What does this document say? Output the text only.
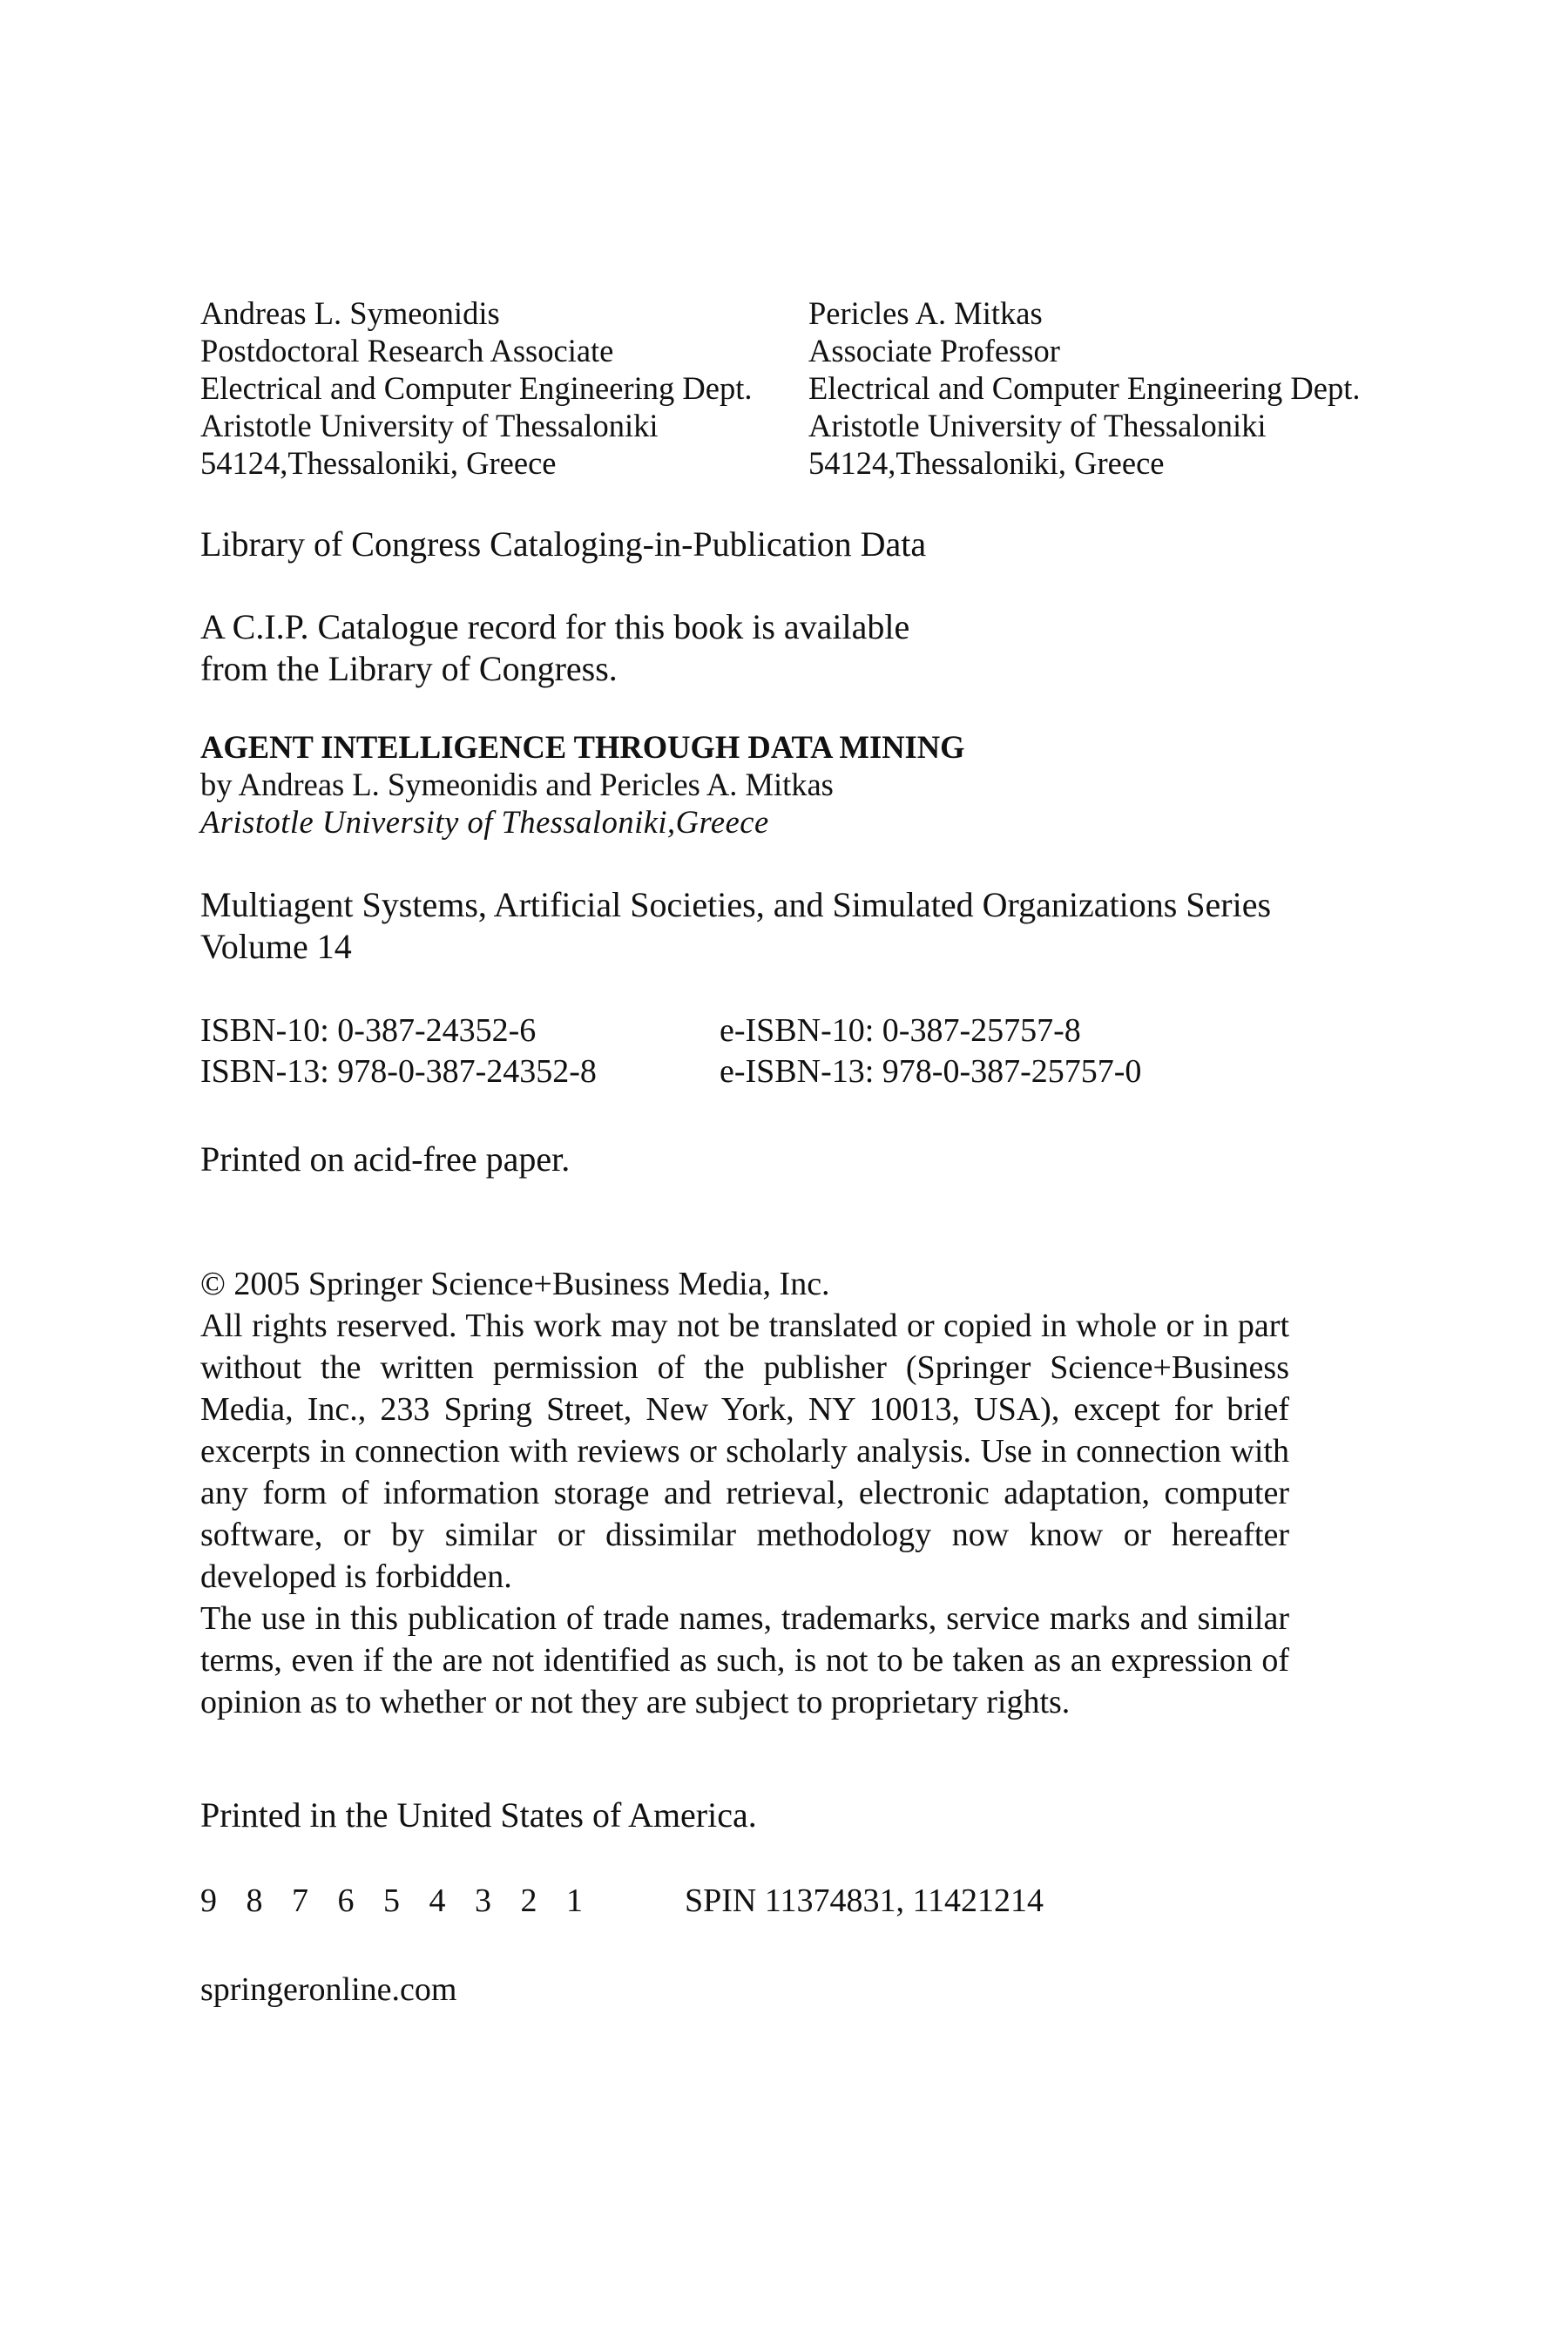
Andreas L. Symeonidis
Postdoctoral Research Associate
Electrical and Computer Engineering Dept.
Aristotle University of Thessaloniki
54124,Thessaloniki, Greece
Pericles A. Mitkas
Associate Professor
Electrical and Computer Engineering Dept.
Aristotle University of Thessaloniki
54124,Thessaloniki, Greece
Library of Congress Cataloging-in-Publication Data
A C.I.P. Catalogue record for this book is available
from the Library of Congress.
AGENT INTELLIGENCE THROUGH DATA MINING
by Andreas L. Symeonidis and Pericles A. Mitkas
Aristotle University of Thessaloniki,Greece
Multiagent Systems, Artificial Societies, and Simulated Organizations Series
Volume 14
ISBN-10: 0-387-24352-6
ISBN-13: 978-0-387-24352-8
e-ISBN-10: 0-387-25757-8
e-ISBN-13: 978-0-387-25757-0
Printed on acid-free paper.

© 2005 Springer Science+Business Media, Inc.

All rights reserved. This work may not be translated or copied in whole or in part without the written permission of the publisher (Springer Science+Business Media, Inc., 233 Spring Street, New York, NY 10013, USA), except for brief excerpts in connection with reviews or scholarly analysis. Use in connection with any form of information storage and retrieval, electronic adaptation, computer software, or by similar or dissimilar methodology now know or hereafter developed is forbidden.

The use in this publication of trade names, trademarks, service marks and similar terms, even if the are not identified as such, is not to be taken as an expression of opinion as to whether or not they are subject to proprietary rights.

Printed in the United States of America.
9 8 7 6 5 4 3 2 1	SPIN 11374831, 11421214
springeronline.com
